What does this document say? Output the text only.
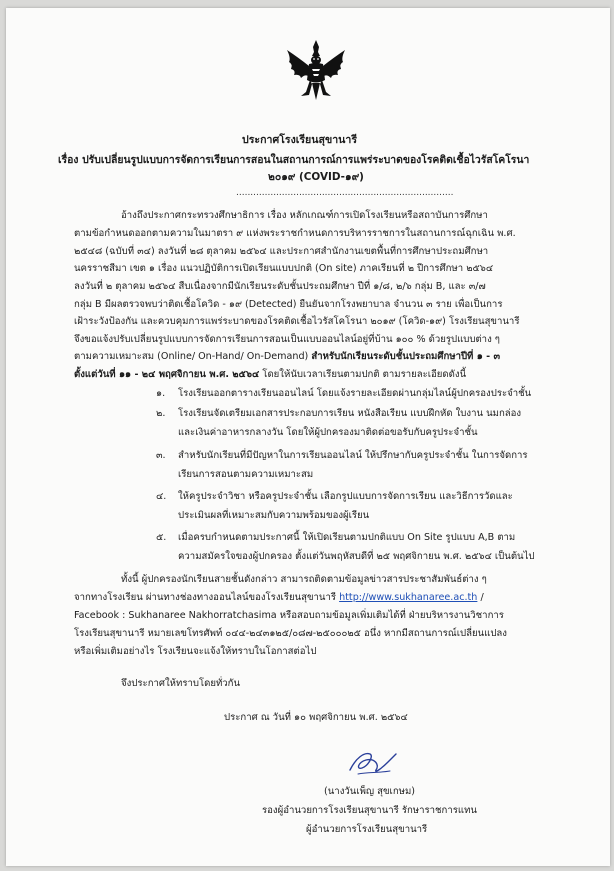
ประกาศโรงเรียนสุขานารี
เรื่อง ปรับเปลี่ยนรูปแบบการจัดการเรียนการสอนในสถานการณ์การแพร่ระบาดของโรคติดเชื้อไวรัสโคโรนา
๒๐๑๙ (COVID-๑๙)
............................................................................
อ้างถึงประกาศกระทรวงศึกษาธิการ เรื่อง หลักเกณฑ์การเปิดโรงเรียนหรือสถาบันการศึกษา
ตามข้อกำหนดออกตามความในมาตรา ๙ แห่งพระราชกำหนดการบริหารราชการในสถานการณ์ฉุกเฉิน พ.ศ.
๒๕๔๘ (ฉบับที่ ๓๔) ลงวันที่ ๒๘ ตุลาคม ๒๕๖๔ และประกาศสำนักงานเขตพื้นที่การศึกษาประถมศึกษา
นครราชสีมา เขต ๑ เรื่อง แนวปฏิบัติการเปิดเรียนแบบปกติ (On site) ภาคเรียนที่ ๒ ปีการศึกษา ๒๕๖๔
ลงวันที่ ๒ ตุลาคม ๒๕๖๔ สืบเนื่องจากมีนักเรียนระดับชั้นประถมศึกษา ปีที่ ๑/๘, ๒/๖ กลุ่ม B, และ ๓/๗
กลุ่ม B มีผลตรวจพบว่าติดเชื้อโควิด - ๑๙ (Detected) ยืนยันจากโรงพยาบาล จำนวน ๓ ราย เพื่อเป็นการ
เฝ้าระวังป้องกัน และควบคุมการแพร่ระบาดของโรคติดเชื้อไวรัสโคโรนา ๒๐๑๙ (โควิด-๑๙) โรงเรียนสุขานารี
จึงขอแจ้งปรับเปลี่ยนรูปแบบการจัดการเรียนการสอนเป็นแบบออนไลน์อยู่ที่บ้าน ๑๐๐ % ด้วยรูปแบบต่าง ๆ
ตามความเหมาะสม (Online/ On-Hand/ On-Demand) สำหรับนักเรียนระดับชั้นประถมศึกษาปีที่ ๑ - ๓
ตั้งแต่วันที่ ๑๑ - ๒๔ พฤศจิกายน พ.ศ. ๒๕๖๔ โดยให้นับเวลาเรียนตามปกติ ตามรายละเอียดดังนี้
๑. โรงเรียนออกตารางเรียนออนไลน์ โดยแจ้งรายละเอียดผ่านกลุ่มไลน์ผู้ปกครองประจำชั้น
๒. โรงเรียนจัดเตรียมเอกสารประกอบการเรียน หนังสือเรียน แบบฝึกหัด ใบงาน นมกล่อง
และเงินค่าอาหารกลางวัน โดยให้ผู้ปกครองมาติดต่อขอรับกับครูประจำชั้น
๓. สำหรับนักเรียนที่มีปัญหาในการเรียนออนไลน์ ให้ปรึกษากับครูประจำชั้น ในการจัดการ
เรียนการสอนตามความเหมาะสม
๔. ให้ครูประจำวิชา หรือครูประจำชั้น เลือกรูปแบบการจัดการเรียน และวิธีการวัดและ
ประเมินผลที่เหมาะสมกับความพร้อมของผู้เรียน
๕. เมื่อครบกำหนดตามประกาศนี้ ให้เปิดเรียนตามปกติแบบ On Site รูปแบบ A,B ตาม
ความสมัครใจของผู้ปกครอง ตั้งแต่วันพฤหัสบดีที่ ๒๕ พฤศจิกายน พ.ศ. ๒๕๖๔ เป็นต้นไป
ทั้งนี้ ผู้ปกครองนักเรียนสายชั้นดังกล่าว สามารถติดตามข้อมูลข่าวสารประชาสัมพันธ์ต่าง ๆ
จากทางโรงเรียน ผ่านทางช่องทางออนไลน์ของโรงเรียนสุขานารี http://www.sukhanaree.ac.th /
Facebook : Sukhanaree Nakhorratchasima หรือสอบถามข้อมูลเพิ่มเติมได้ที่ ฝ่ายบริหารงานวิชาการ
โรงเรียนสุขานารี หมายเลขโทรศัพท์ ๐๔๔-๒๔๓๑๒๕/๐๘๗-๒๕๐๐๐๒๕ อนึ่ง หากมีสถานการณ์เปลี่ยนแปลง
หรือเพิ่มเติมอย่างไร โรงเรียนจะแจ้งให้ทราบในโอกาสต่อไป
จึงประกาศให้ทราบโดยทั่วกัน
ประกาศ ณ วันที่ ๑๐ พฤศจิกายน พ.ศ. ๒๕๖๔
(นางวันเพ็ญ สุขเกษม)
รองผู้อำนวยการโรงเรียนสุขานารี รักษาราชการแทน
ผู้อำนวยการโรงเรียนสุขานารี
